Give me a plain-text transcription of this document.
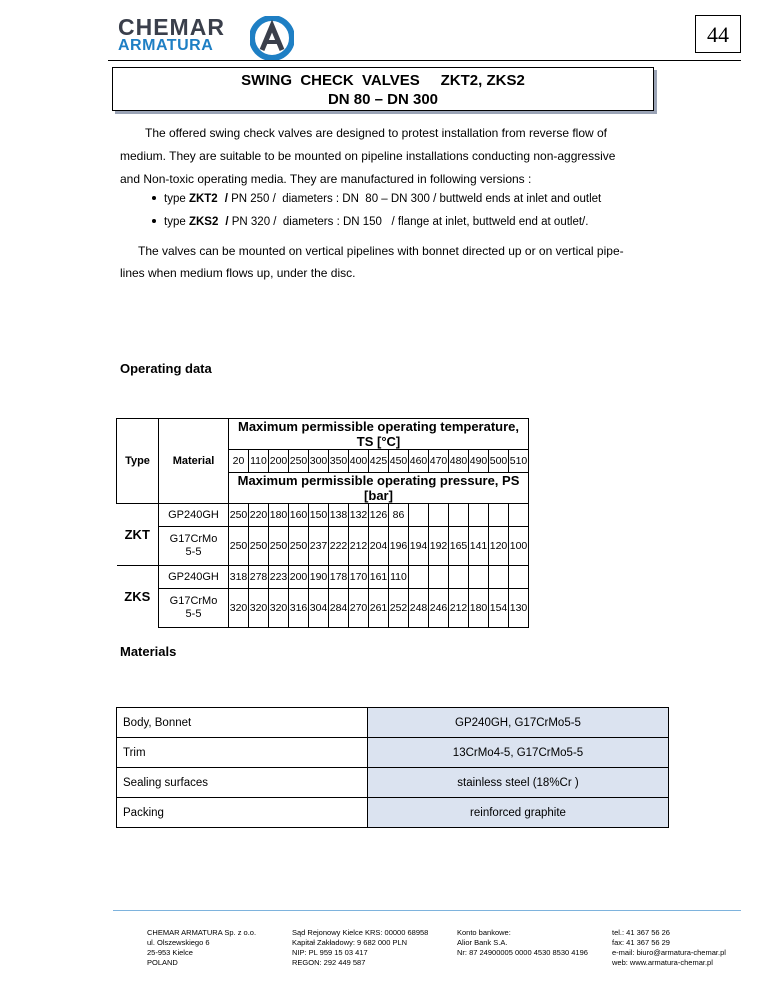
CHEMAR
ARMATURA	44
SWING  CHECK  VALVES     ZKT2, ZKS2
DN 80 – DN 300
The offered swing check valves are designed to protest installation from reverse flow of
medium. They are suitable to be mounted on pipeline installations conducting non-aggressive
and Non-toxic operating media. They are manufactured in following versions :
type ZKT2 / PN 250 /  diameters : DN  80 – DN 300 / buttweld ends at inlet and outlet
type ZKS2 / PN 320 /  diameters : DN 150   / flange at inlet, buttweld end at outlet/.
The valves can be mounted on vertical pipelines with bonnet directed up or on vertical pipe-
lines when medium flows up, under the disc.
Operating data
Type	Material	Maximum permissible operating temperature, TS [°C]														
		20	110	200	250	300	350	400	425	450	460	470	480	490	500	510
		Maximum permissible operating pressure, PS [bar]														
ZKT	GP240GH	250	220	180	160	150	138	132	126	86						
	G17CrMo
5-5	250	250	250	250	237	222	212	204	196	194	192	165	141	120	100
ZKS	GP240GH	318	278	223	200	190	178	170	161	110						
	G17CrMo
5-5	320	320	320	316	304	284	270	261	252	248	246	212	180	154	130
Materials
Body, Bonnet	GP240GH, G17CrMo5-5
Trim	13CrMo4-5, G17CrMo5-5
Sealing surfaces	stainless steel (18%Cr )
Packing	reinforced graphite
CHEMAR ARMATURA Sp. z o.o.
ul. Olszewskiego 6
25-953 Kielce
POLAND
Sąd Rejonowy Kielce KRS: 00000 68958
Kapitał Zakładowy: 9 682 000 PLN
NIP: PL 959 15 03 417
REGON: 292 449 587
Konto bankowe:
Alior Bank S.A.
Nr: 87 24900005 0000 4530 8530 4196
tel.: 41 367 56 26
fax: 41 367 56 29
e-mail: biuro@armatura-chemar.pl
web: www.armatura-chemar.pl
